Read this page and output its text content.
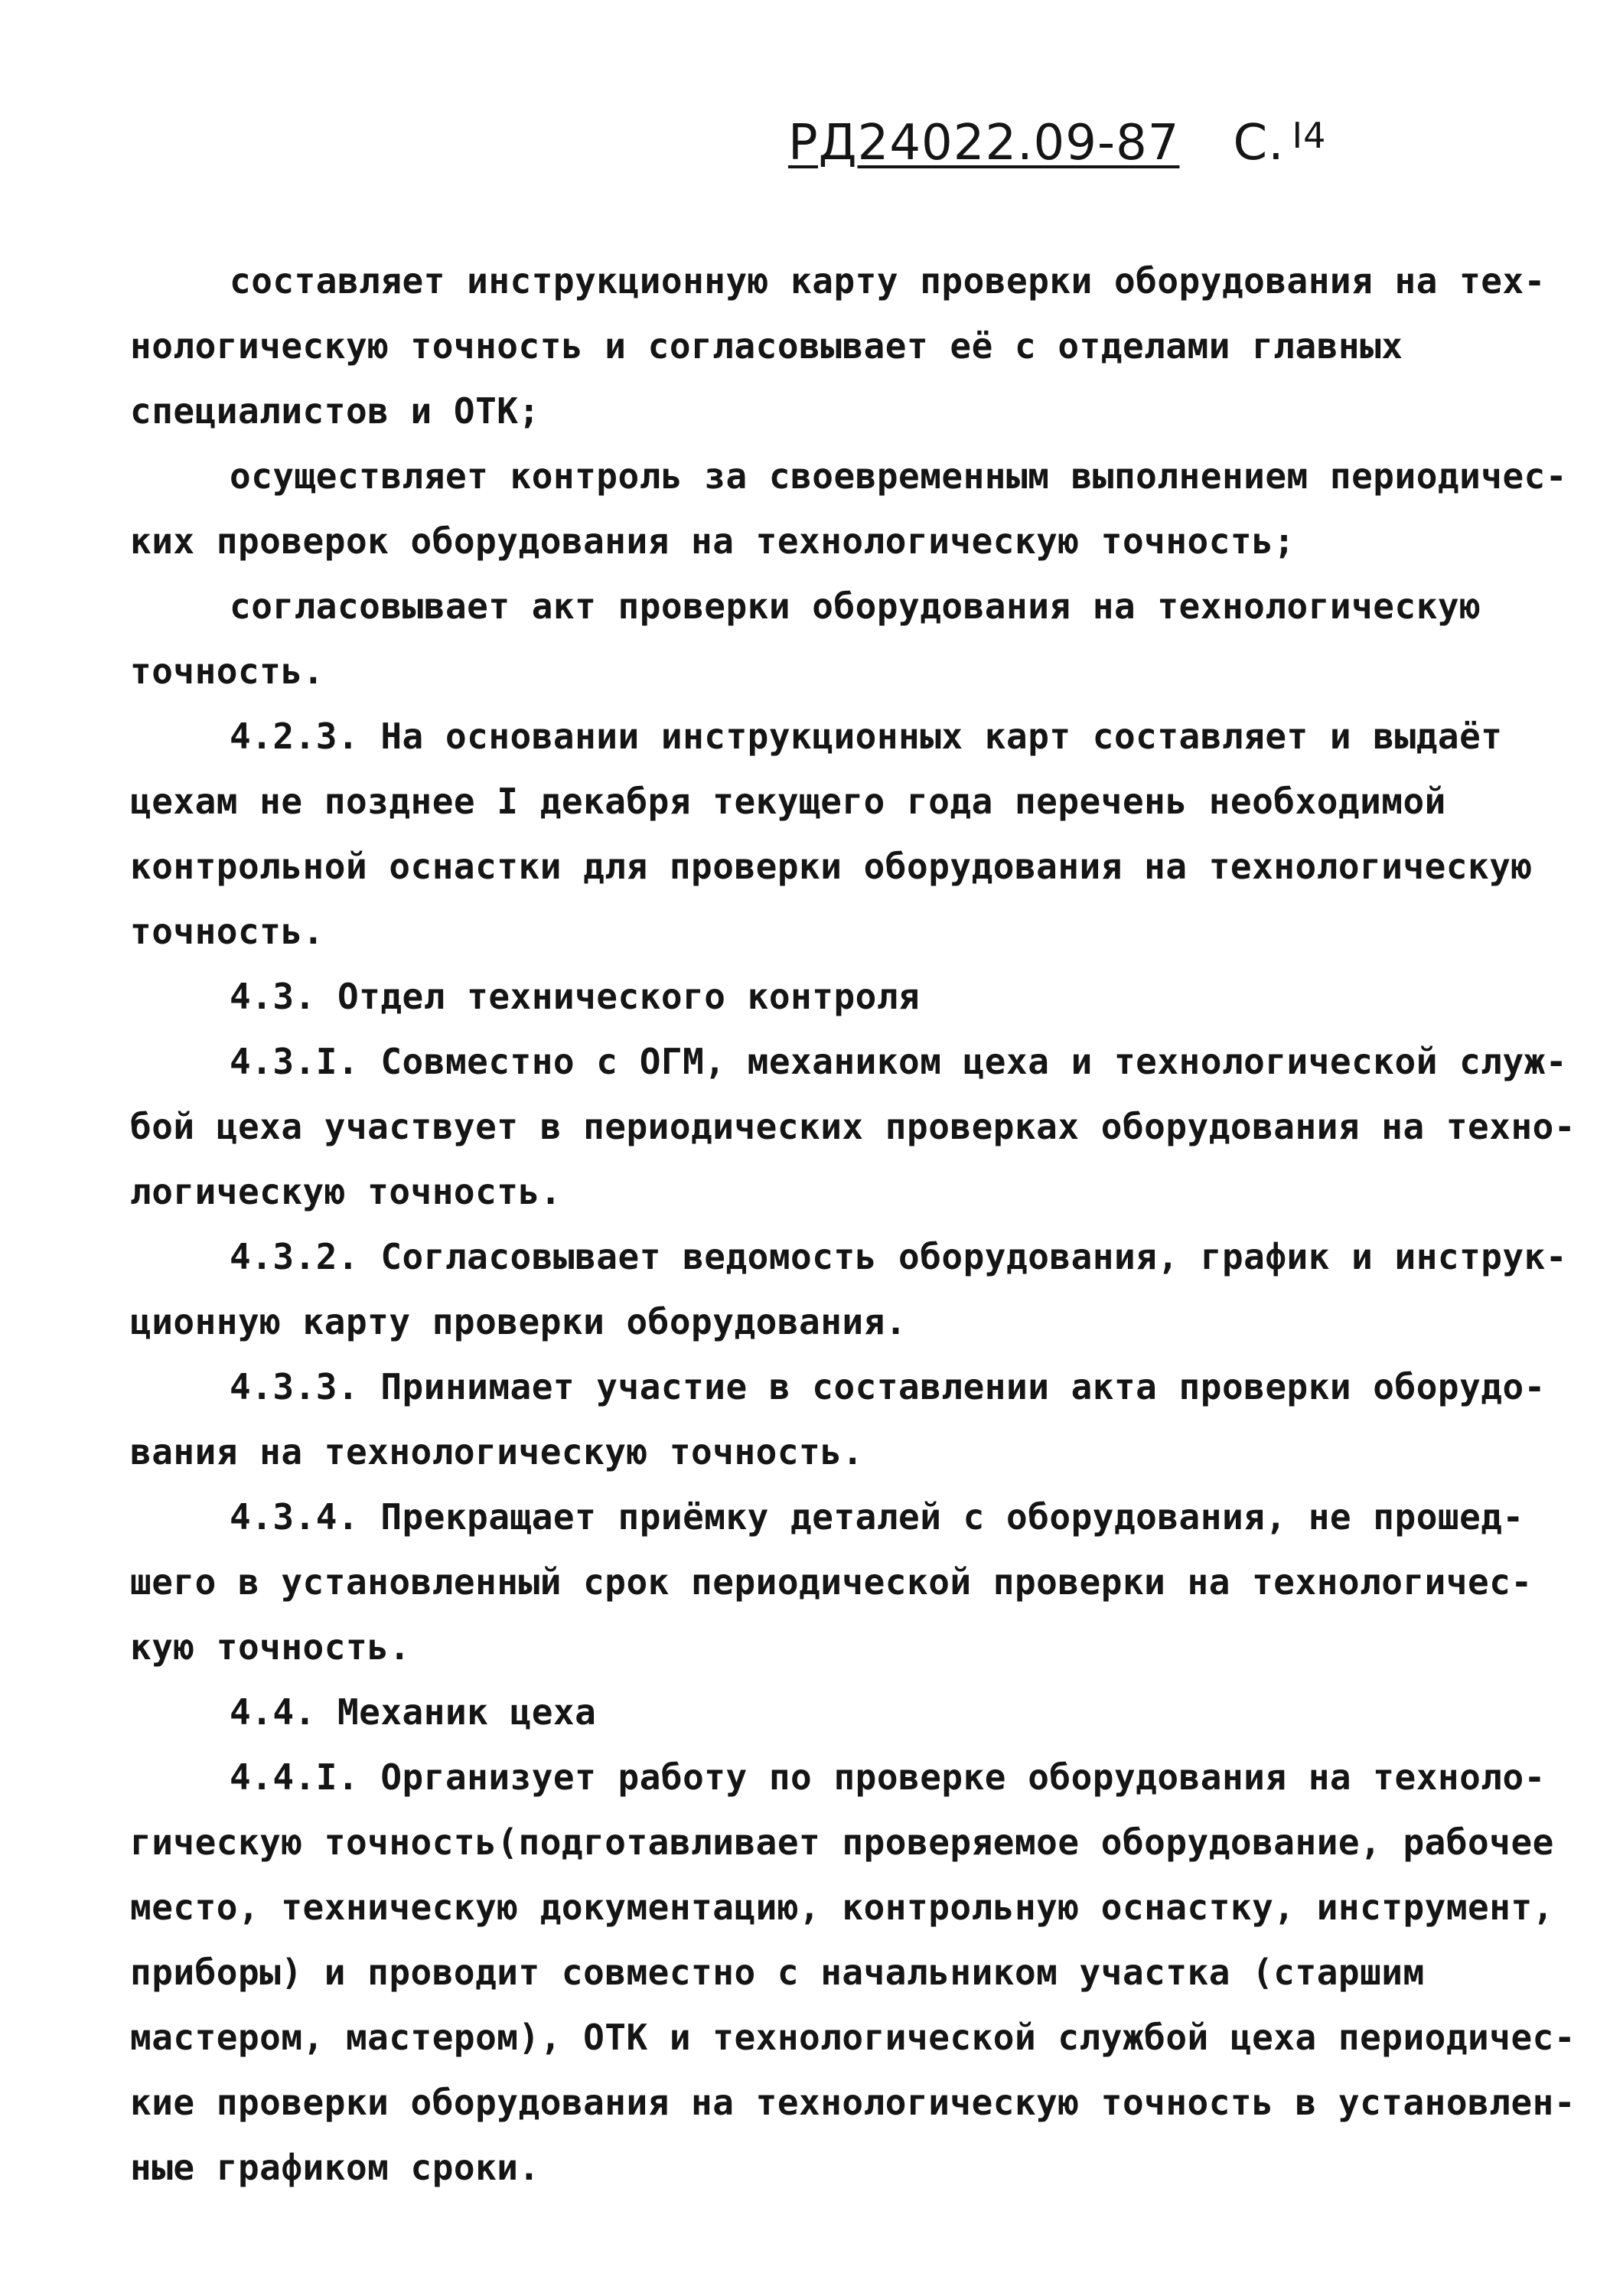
РД24022.09-87 С. $^{I4}$
составляет инструкционную карту проверки оборудования на тех-
нологическую точность и согласовывает её с отделами главных
специалистов и ОТК;
осуществляет контроль за своевременным выполнением периодичес-
ких проверок оборудования на технологическую точность;
согласовывает акт проверки оборудования на технологическую
точность.
4.2.3. На основании инструкционных карт составляет и выдаёт
цехам не позднее I декабря текущего года перечень необходимой
контрольной оснастки для проверки оборудования на технологическую
точность.
4.3. Отдел технического контроля
4.3.I. Совместно с ОГМ, механиком цеха и технологической служ-
бой цеха участвует в периодических проверках оборудования на техно-
логическую точность.
4.3.2. Согласовывает ведомость оборудования, график и инструк-
ционную карту проверки оборудования.
4.3.3. Принимает участие в составлении акта проверки оборудо-
вания на технологическую точность.
4.3.4. Прекращает приёмку деталей с оборудования, не прошед-
шего в установленный срок периодической проверки на технологичес-
кую точность.
4.4. Механик цеха
4.4.I. Организует работу по проверке оборудования на техноло-
гическую точность(подготавливает проверяемое оборудование, рабочее
место, техническую документацию, контрольную оснастку, инструмент,
приборы) и проводит совместно с начальником участка (старшим
мастером, мастером), ОТК и технологической службой цеха периодичес-
кие проверки оборудования на технологическую точность в установлен-
ные графиком сроки.
